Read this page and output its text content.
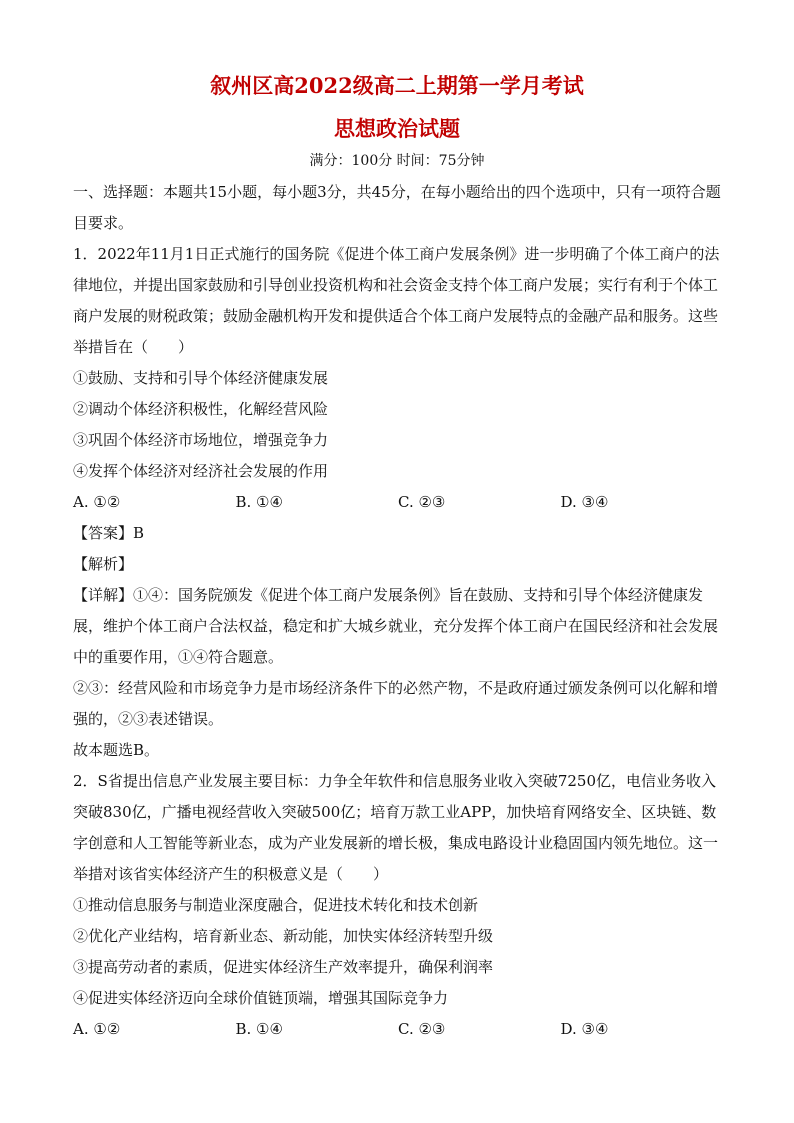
叙州区高2022级高二上期第一学月考试
思想政治试题
满分：100分 时间：75分钟

一、选择题：本题共15小题，每小题3分，共45分，在每小题给出的四个选项中，只有一项符合题目要求。

1．2022年11月1日正式施行的国务院《促进个体工商户发展条例》进一步明确了个体工商户的法律地位，并提出国家鼓励和引导创业投资机构和社会资金支持个体工商户发展；实行有利于个体工商户发展的财税政策；鼓励金融机构开发和提供适合个体工商户发展特点的金融产品和服务。这些举措旨在（　　）

①鼓励、支持和引导个体经济健康发展

②调动个体经济积极性，化解经营风险

③巩固个体经济市场地位，增强竞争力

④发挥个体经济对经济社会发展的作用

A. ①②	B. ①④	C. ②③	D. ③④

【答案】B

【解析】

【详解】①④：国务院颁发《促进个体工商户发展条例》旨在鼓励、支持和引导个体经济健康发展，维护个体工商户合法权益，稳定和扩大城乡就业，充分发挥个体工商户在国民经济和社会发展中的重要作用，①④符合题意。

②③：经营风险和市场竞争力是市场经济条件下的必然产物，不是政府通过颁发条例可以化解和增强的，②③表述错误。

故本题选B。

2．S省提出信息产业发展主要目标：力争全年软件和信息服务业收入突破7250亿，电信业务收入突破830亿，广播电视经营收入突破500亿；培育万款工业APP，加快培育网络安全、区块链、数字创意和人工智能等新业态，成为产业发展新的增长极，集成电路设计业稳固国内领先地位。这一举措对该省实体经济产生的积极意义是（　　）

①推动信息服务与制造业深度融合，促进技术转化和技术创新

②优化产业结构，培育新业态、新动能，加快实体经济转型升级

③提高劳动者的素质，促进实体经济生产效率提升，确保利润率

④促进实体经济迈向全球价值链顶端，增强其国际竞争力

A. ①②	B. ①④	C. ②③	D. ③④
